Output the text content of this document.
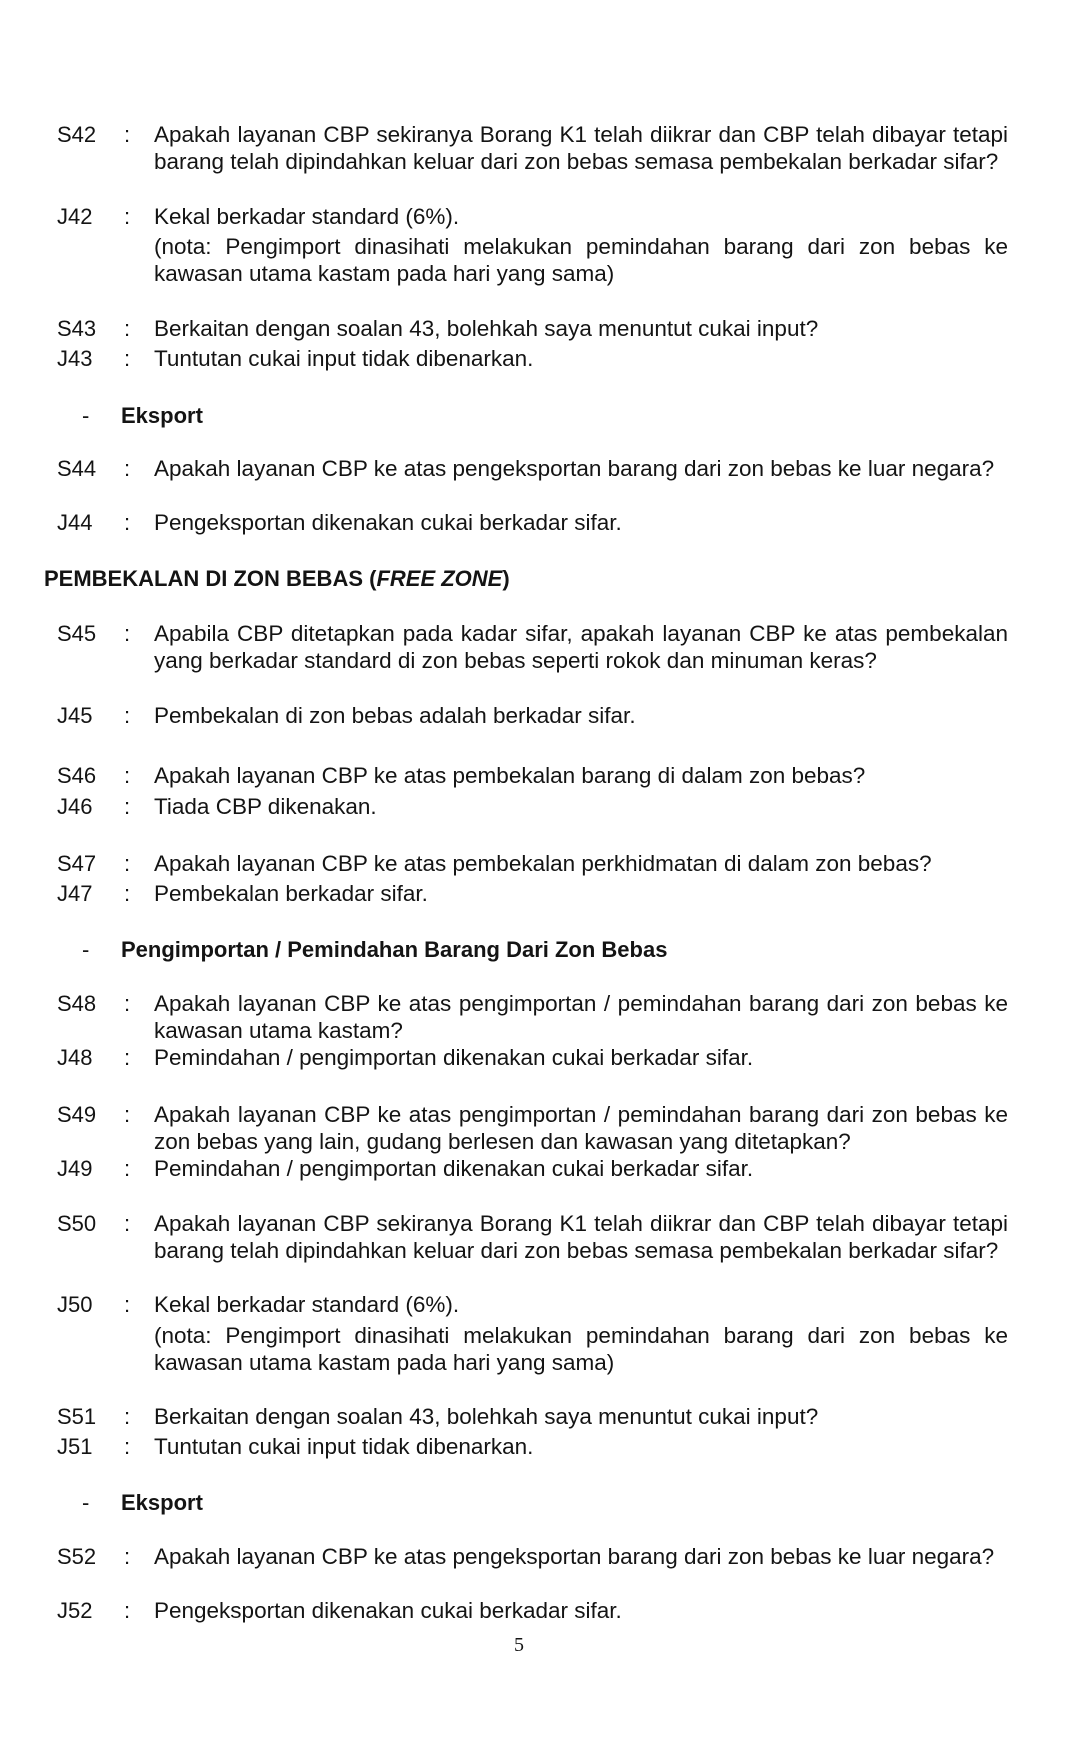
S42 : Apakah layanan CBP sekiranya Borang K1 telah diikrar dan CBP telah dibayar tetapi barang telah dipindahkan keluar dari zon bebas semasa pembekalan berkadar sifar?
J42 : Kekal berkadar standard (6%).
(nota: Pengimport dinasihati melakukan pemindahan barang dari zon bebas ke kawasan utama kastam pada hari yang sama)
S43 : Berkaitan dengan soalan 43, bolehkah saya menuntut cukai input?
J43 : Tuntutan cukai input tidak dibenarkan.
- Eksport
S44 : Apakah layanan CBP ke atas pengeksportan barang dari zon bebas ke luar negara?
J44 : Pengeksportan dikenakan cukai berkadar sifar.
PEMBEKALAN DI ZON BEBAS (FREE ZONE)
S45 : Apabila CBP ditetapkan pada kadar sifar, apakah layanan CBP ke atas pembekalan yang berkadar standard di zon bebas seperti rokok dan minuman keras?
J45 : Pembekalan di zon bebas adalah berkadar sifar.
S46 : Apakah layanan CBP ke atas pembekalan barang di dalam zon bebas?
J46 : Tiada CBP dikenakan.
S47 : Apakah layanan CBP ke atas pembekalan perkhidmatan di dalam zon bebas?
J47 : Pembekalan berkadar sifar.
- Pengimportan / Pemindahan Barang Dari Zon Bebas
S48 : Apakah layanan CBP ke atas pengimportan / pemindahan barang dari zon bebas ke kawasan utama kastam?
J48 : Pemindahan / pengimportan dikenakan cukai berkadar sifar.
S49 : Apakah layanan CBP ke atas pengimportan / pemindahan barang dari zon bebas ke zon bebas yang lain, gudang berlesen dan kawasan yang ditetapkan?
J49 : Pemindahan / pengimportan dikenakan cukai berkadar sifar.
S50 : Apakah layanan CBP sekiranya Borang K1 telah diikrar dan CBP telah dibayar tetapi barang telah dipindahkan keluar dari zon bebas semasa pembekalan berkadar sifar?
J50 : Kekal berkadar standard (6%).
(nota: Pengimport dinasihati melakukan pemindahan barang dari zon bebas ke kawasan utama kastam pada hari yang sama)
S51 : Berkaitan dengan soalan 43, bolehkah saya menuntut cukai input?
J51 : Tuntutan cukai input tidak dibenarkan.
- Eksport
S52 : Apakah layanan CBP ke atas pengeksportan barang dari zon bebas ke luar negara?
J52 : Pengeksportan dikenakan cukai berkadar sifar.
5
